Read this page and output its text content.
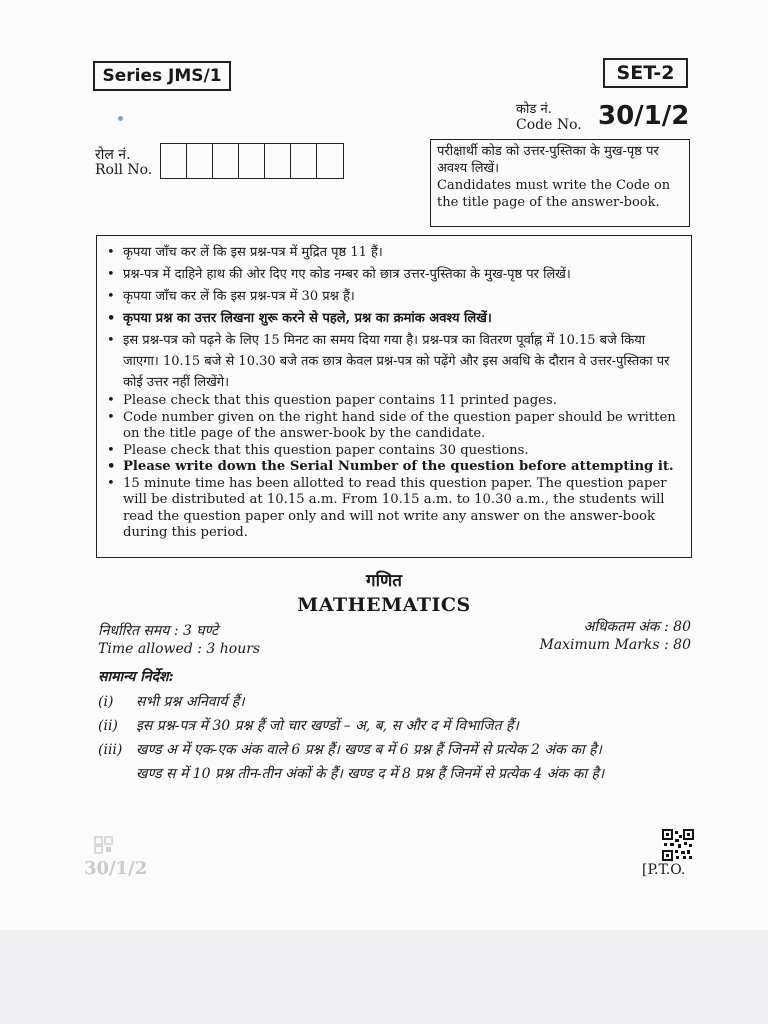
Series JMS/1	SET-2
कोड नं.
Code No. 30/1/2
रोल नं.
Roll No.
परीक्षार्थी कोड को उत्तर-पुस्तिका के मुख-पृष्ठ पर अवश्य लिखें।
Candidates must write the Code on the title page of the answer-book.
• कृपया जाँच कर लें कि इस प्रश्न-पत्र में मुद्रित पृष्ठ 11 हैं।
• प्रश्न-पत्र में दाहिने हाथ की ओर दिए गए कोड नम्बर को छात्र उत्तर-पुस्तिका के मुख-पृष्ठ पर लिखें।
• कृपया जाँच कर लें कि इस प्रश्न-पत्र में 30 प्रश्न हैं।
• कृपया प्रश्न का उत्तर लिखना शुरू करने से पहले, प्रश्न का क्रमांक अवश्य लिखें।
• इस प्रश्न-पत्र को पढ़ने के लिए 15 मिनट का समय दिया गया है। प्रश्न-पत्र का वितरण पूर्वाह्न में 10.15 बजे किया जाएगा। 10.15 बजे से 10.30 बजे तक छात्र केवल प्रश्न-पत्र को पढ़ेंगे और इस अवधि के दौरान वे उत्तर-पुस्तिका पर कोई उत्तर नहीं लिखेंगे।
• Please check that this question paper contains 11 printed pages.
• Code number given on the right hand side of the question paper should be written on the title page of the answer-book by the candidate.
• Please check that this question paper contains 30 questions.
• Please write down the Serial Number of the question before attempting it.
• 15 minute time has been allotted to read this question paper. The question paper will be distributed at 10.15 a.m. From 10.15 a.m. to 10.30 a.m., the students will read the question paper only and will not write any answer on the answer-book during this period.
गणित
MATHEMATICS
निर्धारित समय : 3 घण्टे
Time allowed : 3 hours
अधिकतम अंक : 80
Maximum Marks : 80
सामान्य निर्देश:
(i) सभी प्रश्न अनिवार्य हैं।
(ii) इस प्रश्न-पत्र में 30 प्रश्न हैं जो चार खण्डों – अ, ब, स और द में विभाजित हैं।
(iii) खण्ड अ में एक-एक अंक वाले 6 प्रश्न हैं। खण्ड ब में 6 प्रश्न हैं जिनमें से प्रत्येक 2 अंक का है।
खण्ड स में 10 प्रश्न तीन-तीन अंकों के हैं। खण्ड द में 8 प्रश्न हैं जिनमें से प्रत्येक 4 अंक का है।
30/1/2	[P.T.O.
